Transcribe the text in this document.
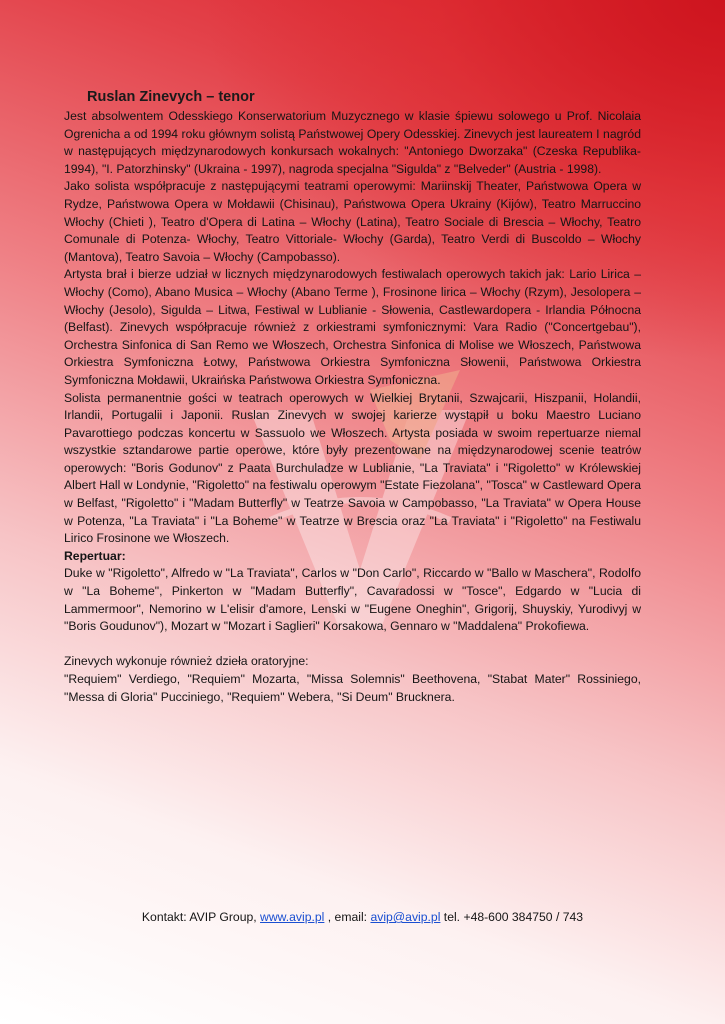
Ruslan Zinevych – tenor

Jest absolwentem Odesskiego Konserwatorium Muzycznego w klasie śpiewu solowego u Prof. Nicolaia Ogrenicha a od 1994 roku głównym solistą Państwowej Opery Odesskiej. Zinevych jest laureatem I nagród w następujących międzynarodowych konkursach wokalnych: "Antoniego Dworzaka" (Czeska Republika-1994), "I. Patorzhinsky" (Ukraina - 1997), nagroda specjalna "Sigulda" z "Belveder" (Austria - 1998).

Jako solista współpracuje z następującymi teatrami operowymi: Mariinskij Theater, Państwowa Opera w Rydze, Państwowa Opera w Mołdawii (Chisinau), Państwowa Opera Ukrainy (Kijów), Teatro Marruccino Włochy (Chieti ), Teatro d'Opera di Latina – Włochy (Latina), Teatro Sociale di Brescia – Włochy, Teatro Comunale di Potenza- Włochy, Teatro Vittoriale- Włochy (Garda), Teatro Verdi di Buscoldo – Włochy (Mantova), Teatro Savoia – Włochy (Campobasso).

Artysta brał i bierze udział w licznych międzynarodowych festiwalach operowych takich jak: Lario Lirica – Włochy (Como), Abano Musica – Włochy (Abano Terme ), Frosinone lirica – Włochy (Rzym), Jesolopera – Włochy (Jesolo), Sigulda – Litwa, Festiwal w Lublianie - Słowenia, Castlewardopera - Irlandia Północna (Belfast). Zinevych współpracuje również z orkiestrami symfonicznymi: Vara Radio ("Concertgebau"), Orchestra Sinfonica di San Remo we Włoszech, Orchestra Sinfonica di Molise we Włoszech, Państwowa Orkiestra Symfoniczna Łotwy, Państwowa Orkiestra Symfoniczna Słowenii, Państwowa Orkiestra Symfoniczna Mołdawii, Ukraińska Państwowa Orkiestra Symfoniczna.

Solista permanentnie gości w teatrach operowych w Wielkiej Brytanii, Szwajcarii, Hiszpanii, Holandii, Irlandii, Portugalii i Japonii. Ruslan Zinevych w swojej karierze wystąpił u boku Maestro Luciano Pavarottiego podczas koncertu w Sassuolo we Włoszech. Artysta posiada w swoim repertuarze niemal wszystkie sztandarowe partie operowe, które były prezentowane na międzynarodowej scenie teatrów operowych: "Boris Godunov" z Paata Burchuladze w Lublianie, "La Traviata" i "Rigoletto" w Królewskiej Albert Hall w Londynie, "Rigoletto" na festiwalu operowym "Estate Fiezolana", "Tosca" w Castleward Opera w Belfast, "Rigoletto" i "Madam Butterfly" w Teatrze Savoia w Campobasso, "La Traviata" w Opera House w Potenza, "La Traviata" i "La Boheme" w Teatrze w Brescia oraz "La Traviata" i "Rigoletto" na Festiwalu Lirico Frosinone we Włoszech.

Repertuar:

Duke w "Rigoletto", Alfredo w "La Traviata", Carlos w "Don Carlo", Riccardo w "Ballo w Maschera", Rodolfo w "La Boheme", Pinkerton w "Madam Butterfly", Cavaradossi w "Tosce", Edgardo w "Lucia di Lammermoor", Nemorino w L'elisir d'amore, Lenski w "Eugene Oneghin", Grigorij, Shuyskiy, Yurodivyj w "Boris Goudunov"), Mozart w "Mozart i Saglieri" Korsakowa, Gennaro w "Maddalena" Prokofiewa.

Zinevych wykonuje również dzieła oratoryjne:

"Requiem" Verdiego, "Requiem" Mozarta, "Missa Solemnis" Beethovena, "Stabat Mater" Rossiniego, "Messa di Gloria" Pucciniego, "Requiem" Webera, "Si Deum" Brucknera.

Kontakt: AVIP Group, www.avip.pl , email: avip@avip.pl tel. +48-600 384750 / 743
